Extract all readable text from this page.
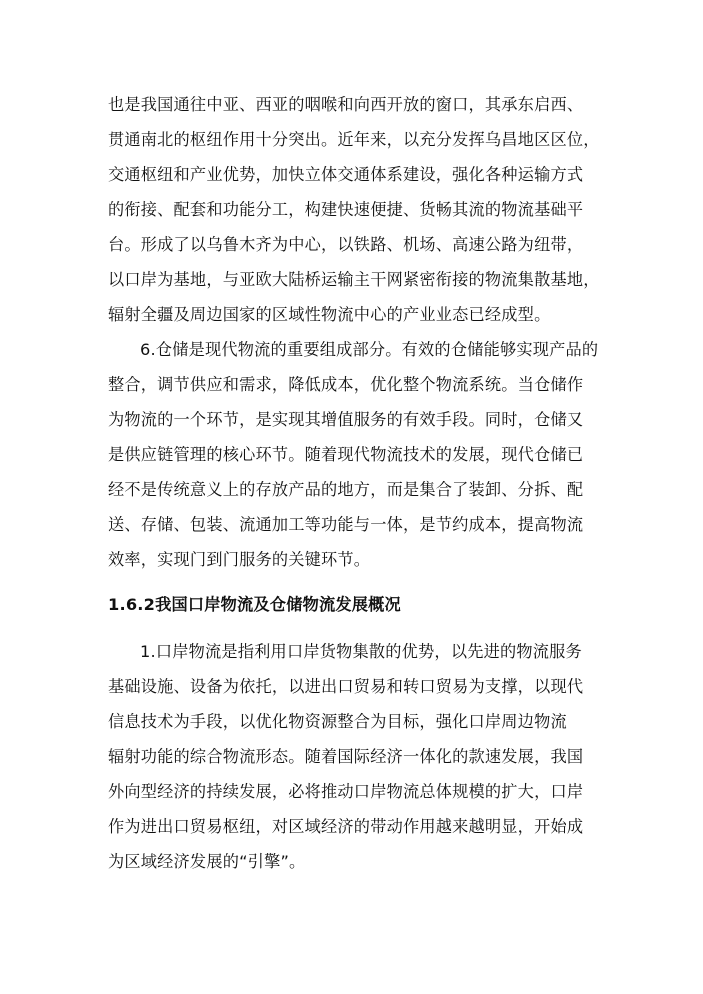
也是我国通往中亚、西亚的咽喉和向西开放的窗口，其承东启西、
贯通南北的枢纽作用十分突出。近年来，以充分发挥乌昌地区区位，
交通枢纽和产业优势，加快立体交通体系建设，强化各种运输方式
的衔接、配套和功能分工，构建快速便捷、货畅其流的物流基础平
台。形成了以乌鲁木齐为中心，以铁路、机场、高速公路为纽带，
以口岸为基地，与亚欧大陆桥运输主干网紧密衔接的物流集散基地，
辐射全疆及周边国家的区域性物流中心的产业业态已经成型。
6.仓储是现代物流的重要组成部分。有效的仓储能够实现产品的
整合，调节供应和需求，降低成本，优化整个物流系统。当仓储作
为物流的一个环节，是实现其增值服务的有效手段。同时，仓储又
是供应链管理的核心环节。随着现代物流技术的发展，现代仓储已
经不是传统意义上的存放产品的地方，而是集合了装卸、分拆、配
送、存储、包装、流通加工等功能与一体，是节约成本，提高物流
效率，实现门到门服务的关键环节。
1.6.2我国口岸物流及仓储物流发展概况
1.口岸物流是指利用口岸货物集散的优势，以先进的物流服务
基础设施、设备为依托，以进出口贸易和转口贸易为支撑，以现代
信息技术为手段，以优化物资源整合为目标，强化口岸周边物流
辐射功能的综合物流形态。随着国际经济一体化的款速发展，我国
外向型经济的持续发展，必将推动口岸物流总体规模的扩大，口岸
作为进出口贸易枢纽，对区域经济的带动作用越来越明显，开始成
为区域经济发展的“引擎”。
